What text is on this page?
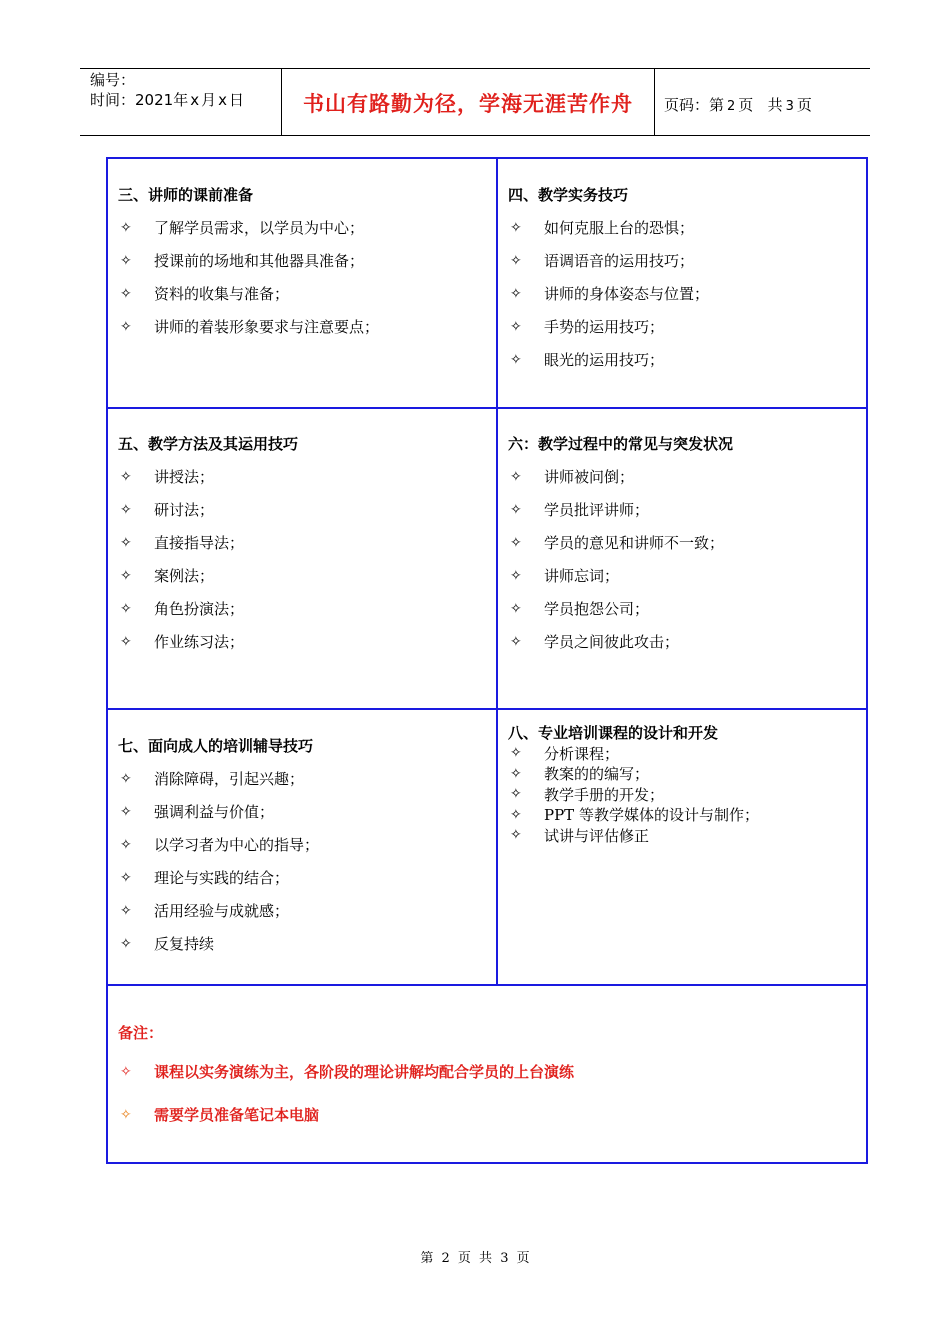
编号：
时间：2021年 x 月 x 日	书山有路勤为径，学海无涯苦作舟	页码：第 2 页   共 3 页
三、讲师的课前准备
✧	了解学员需求，以学员为中心；
✧	授课前的场地和其他器具准备；
✧	资料的收集与准备；
✧	讲师的着装形象要求与注意要点；
四、教学实务技巧
✧	如何克服上台的恐惧；
✧	语调语音的运用技巧；
✧	讲师的身体姿态与位置；
✧	手势的运用技巧；
✧	眼光的运用技巧；
五、教学方法及其运用技巧
✧	讲授法；
✧	研讨法；
✧	直接指导法；
✧	案例法；
✧	角色扮演法；
✧	作业练习法；
六：教学过程中的常见与突发状况
✧	讲师被问倒；
✧	学员批评讲师；
✧	学员的意见和讲师不一致；
✧	讲师忘词；
✧	学员抱怨公司；
✧	学员之间彼此攻击；
七、面向成人的培训辅导技巧
✧	消除障碍，引起兴趣；
✧	强调利益与价值；
✧	以学习者为中心的指导；
✧	理论与实践的结合；
✧	活用经验与成就感；
✧	反复持续
八、专业培训课程的设计和开发
✧	分析课程；
✧	教案的的编写；
✧	教学手册的开发；
✧	PPT 等教学媒体的设计与制作；
✧	试讲与评估修正
备注：
✧	课程以实务演练为主，各阶段的理论讲解均配合学员的上台演练
✧	需要学员准备笔记本电脑
第 2 页 共 3 页
